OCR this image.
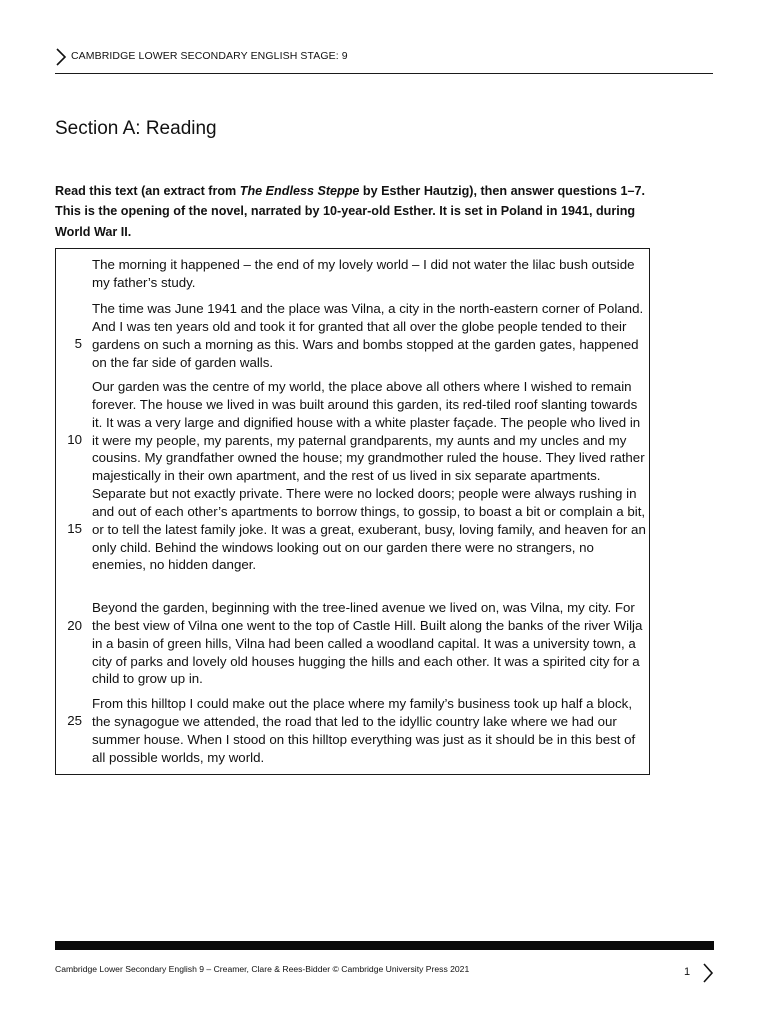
CAMBRIDGE LOWER SECONDARY ENGLISH STAGE: 9
Section A: Reading
Read this text (an extract from The Endless Steppe by Esther Hautzig), then answer questions 1–7. This is the opening of the novel, narrated by 10-year-old Esther. It is set in Poland in 1941, during World War II.
The morning it happened – the end of my lovely world – I did not water the lilac bush outside my father’s study.
The time was June 1941 and the place was Vilna, a city in the north-eastern corner of Poland. And I was ten years old and took it for granted that all over the globe people tended to their gardens on such a morning as this. Wars and bombs stopped at the garden gates, happened on the far side of garden walls.
Our garden was the centre of my world, the place above all others where I wished to remain forever. The house we lived in was built around this garden, its red-tiled roof slanting towards it. It was a very large and dignified house with a white plaster façade. The people who lived in it were my people, my parents, my paternal grandparents, my aunts and my uncles and my cousins. My grandfather owned the house; my grandmother ruled the house. They lived rather majestically in their own apartment, and the rest of us lived in six separate apartments. Separate but not exactly private. There were no locked doors; people were always rushing in and out of each other’s apartments to borrow things, to gossip, to boast a bit or complain a bit, or to tell the latest family joke. It was a great, exuberant, busy, loving family, and heaven for an only child. Behind the windows looking out on our garden there were no strangers, no enemies, no hidden danger.
Beyond the garden, beginning with the tree-lined avenue we lived on, was Vilna, my city. For the best view of Vilna one went to the top of Castle Hill. Built along the banks of the river Wilja in a basin of green hills, Vilna had been called a woodland capital. It was a university town, a city of parks and lovely old houses hugging the hills and each other. It was a spirited city for a child to grow up in.
From this hilltop I could make out the place where my family’s business took up half a block, the synagogue we attended, the road that led to the idyllic country lake where we had our summer house. When I stood on this hilltop everything was just as it should be in this best of all possible worlds, my world.
5
10
15
20
25
Cambridge Lower Secondary English 9 – Creamer, Clare & Rees-Bidder © Cambridge University Press 2021	1
